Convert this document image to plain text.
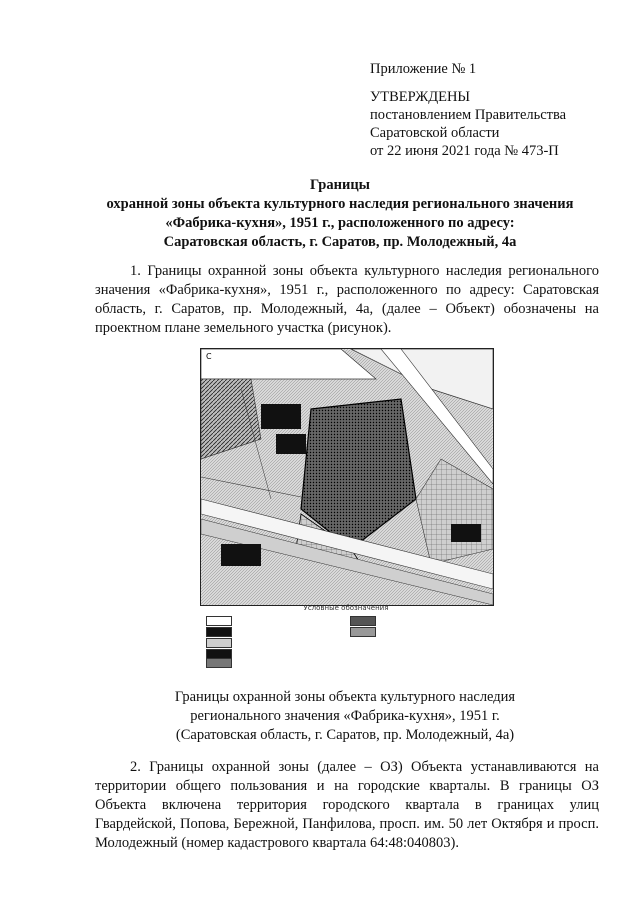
Приложение № 1
УТВЕРЖДЕНЫ
постановлением Правительства
Саратовской области
от 22 июня 2021 года № 473-П
Границы
охранной зоны объекта культурного наследия регионального значения
«Фабрика-кухня», 1951 г., расположенного по адресу:
Саратовская область, г. Саратов, пр. Молодежный, 4а
1. Границы охранной зоны объекта культурного наследия регионального значения «Фабрика-кухня», 1951 г., расположенного по адресу: Саратовская область, г. Саратов, пр. Молодежный, 4а, (далее – Объект) обозначены на проектном плане земельного участка (рисунок).
С
Условные обозначения
Границы охранной зоны объекта культурного наследия
регионального значения «Фабрика-кухня», 1951 г.
(Саратовская область, г. Саратов, пр. Молодежный, 4а)
2. Границы охранной зоны (далее – ОЗ) Объекта устанавливаются на территории общего пользования и на городские кварталы. В границы ОЗ Объекта включена территория городского квартала в границах улиц Гвардейской, Попова, Бережной, Панфилова, просп. им. 50 лет Октября и просп. Молодежный (номер кадастрового квартала 64:48:040803).
